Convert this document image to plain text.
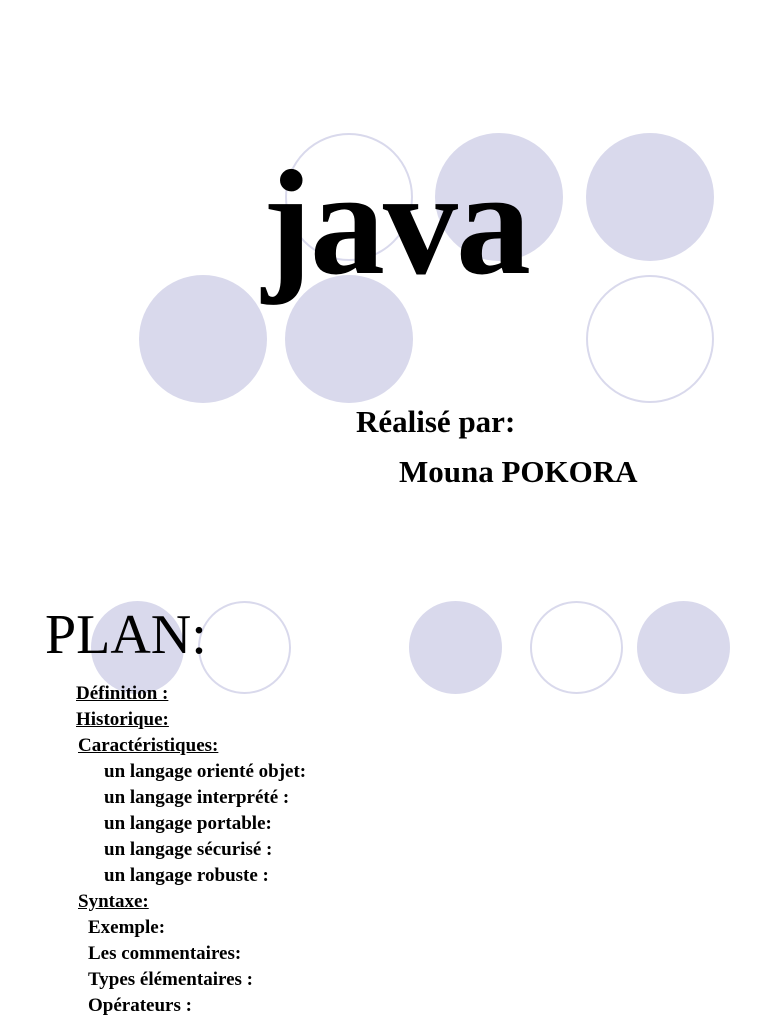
java
Réalisé par:
Mouna POKORA
PLAN:
Définition :
Historique:
Caractéristiques:
un langage orienté objet:
un langage interprété :
un langage portable:
un langage sécurisé :
un langage robuste :
Syntaxe:
Exemple:
Les commentaires:
Types élémentaires :
Opérateurs :
